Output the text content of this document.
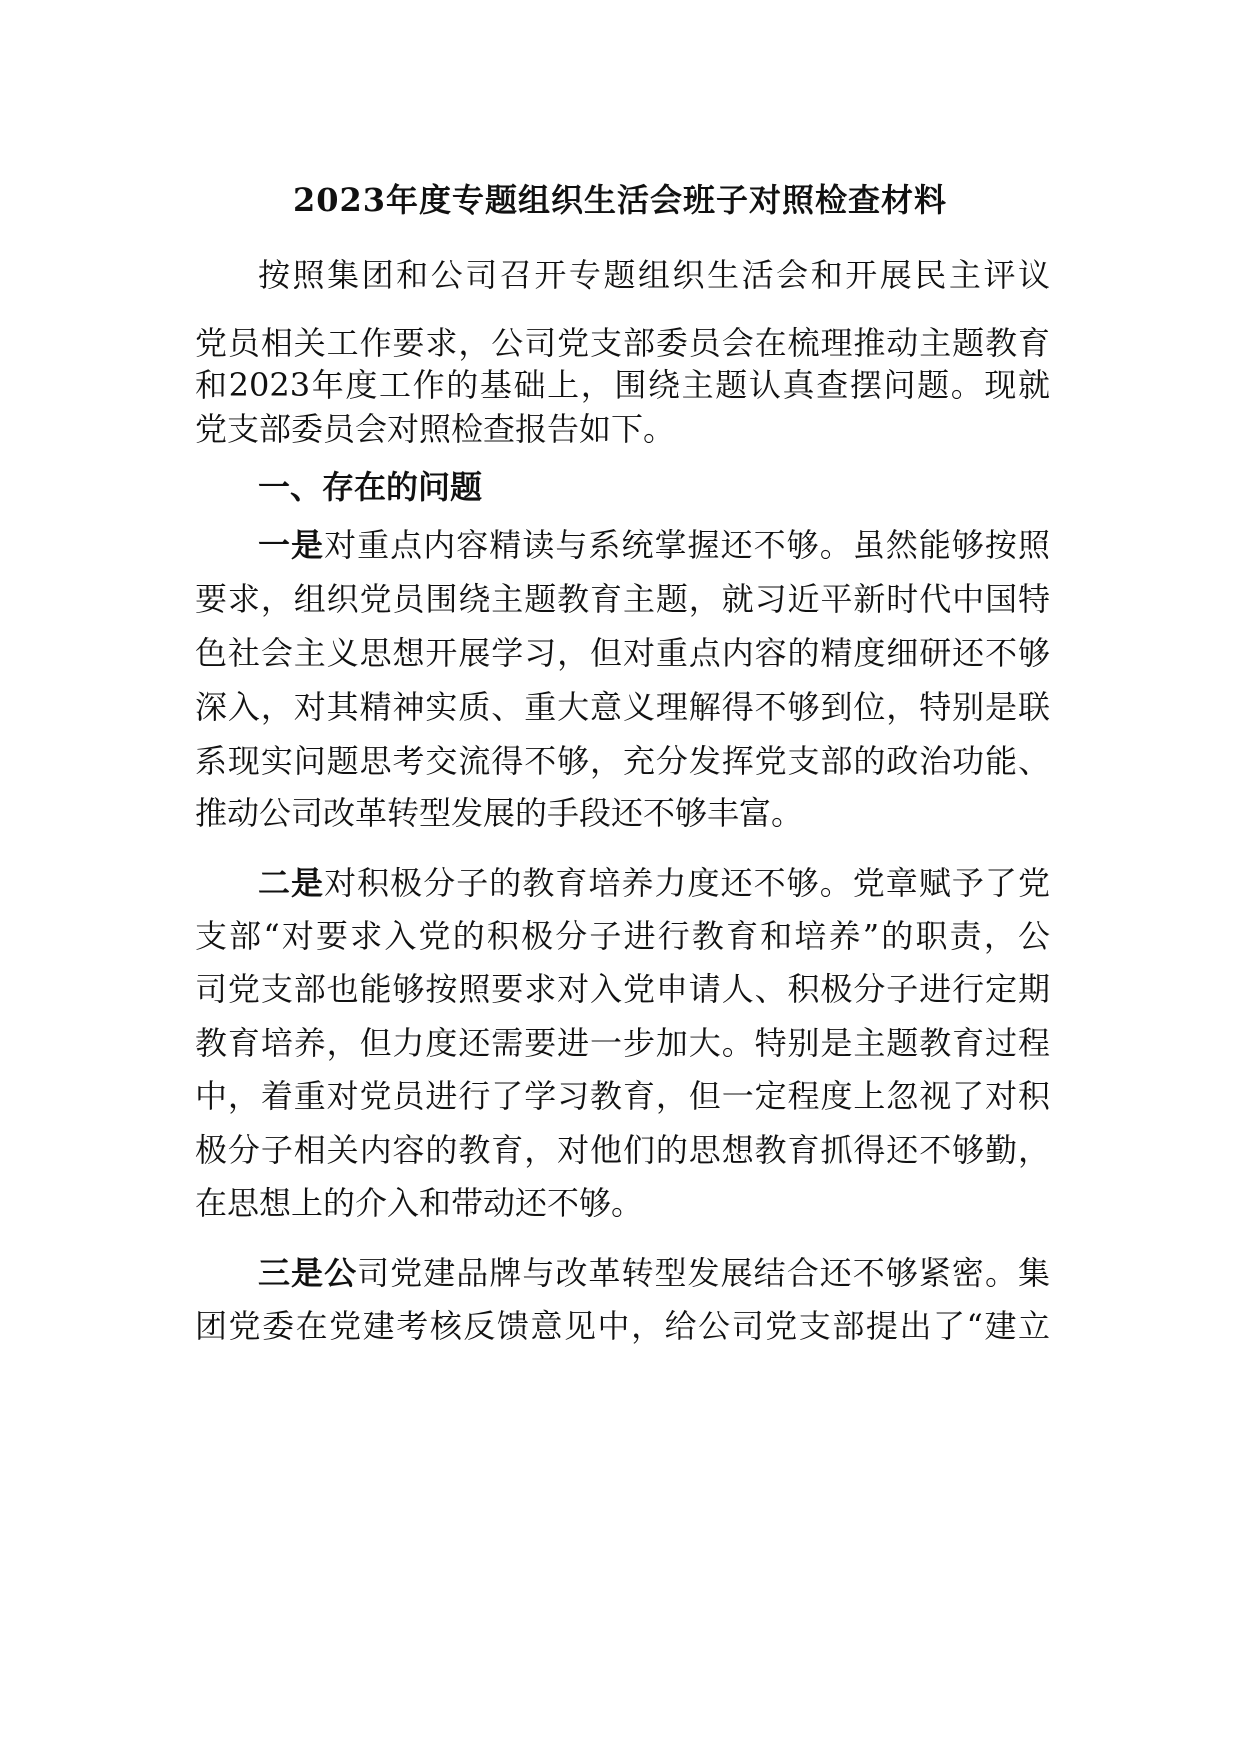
2023年度专题组织生活会班子对照检查材料
按照集团和公司召开专题组织生活会和开展民主评议
党员相关工作要求，公司党支部委员会在梳理推动主题教育
和2023年度工作的基础上，围绕主题认真查摆问题。现就
党支部委员会对照检查报告如下。
一、存在的问题
一是对重点内容精读与系统掌握还不够。虽然能够按照
要求，组织党员围绕主题教育主题，就习近平新时代中国特
色社会主义思想开展学习，但对重点内容的精度细研还不够
深入，对其精神实质、重大意义理解得不够到位，特别是联
系现实问题思考交流得不够，充分发挥党支部的政治功能、
推动公司改革转型发展的手段还不够丰富。
二是对积极分子的教育培养力度还不够。党章赋予了党
支部“对要求入党的积极分子进行教育和培养”的职责，公
司党支部也能够按照要求对入党申请人、积极分子进行定期
教育培养，但力度还需要进一步加大。特别是主题教育过程
中，着重对党员进行了学习教育，但一定程度上忽视了对积
极分子相关内容的教育，对他们的思想教育抓得还不够勤，
在思想上的介入和带动还不够。
三是公司党建品牌与改革转型发展结合还不够紧密。集
团党委在党建考核反馈意见中，给公司党支部提出了“建立
